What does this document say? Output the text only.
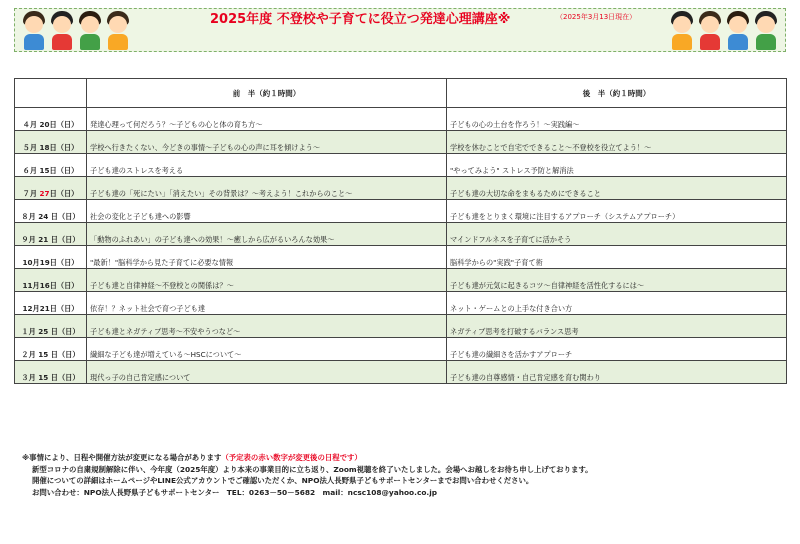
2025年度 不登校や子育てに役立つ発達心理講座※	（2025年3月13日現在）
	前　半（約１時間）	後　半（約１時間）
４月 20日（日）	発達心理って何だろう？～子どもの心と体の育ち方～	子どもの心の土台を作ろう！～実践編～
５月 18日（日）	学校へ行きたくない、今どきの事情～子どもの心の声に耳を傾けよう～	学校を休むことで自宅でできること～不登校を役立てよう！～
６月 15日（日）	子ども達のストレスを考える	"やってみよう" ストレス予防と解消法
７月 27日（日）	子ども達の「死にたい」「消えたい」その背景は？～考えよう！これからのこと～	子ども達の大切な命をまもるためにできること
８月 24 日（日）	社会の変化と子ども達への影響	子ども達をとりまく環境に注目するアプローチ（システムアプローチ）
９月 21 日（日）	「動物のふれあい」の子ども達への効果！～癒しから広がるいろんな効果～	マインドフルネスを子育てに活かそう
10月19日（日）	"最新！"脳科学から見た子育てに必要な情報	脳科学からの"実践"子育て術
11月16日（日）	子ども達と自律神経～不登校との関係は？～	子ども達が元気に起きるコツ～自律神経を活性化するには～
12月21日（日）	依存！？ネット社会で育つ子ども達	ネット・ゲームとの上手な付き合い方
１月 25 日（日）	子ども達とネガティブ思考～不安やうつなど～	ネガティブ思考を打破するバランス思考
２月 15 日（日）	繊細な子ども達が増えている～HSCについて～	子ども達の繊細さを活かすアプローチ
３月 15 日（日）	現代っ子の自己肯定感について	子ども達の自尊感情・自己肯定感を育む関わり
※事情により、日程や開催方法が変更になる場合があります（予定表の赤い数字が変更後の日程です）
新型コロナの自粛規制解除に伴い、今年度（2025年度）より本来の事業目的に立ち返り、Zoom視聴を終了いたしました。会場へお越しをお待ち申し上げております。
開催についての詳細はホームページやLINE公式アカウントでご確認いただくか、NPO法人長野県子どもサポートセンターまでお問い合わせください。
お問い合わせ：NPO法人長野県子どもサポートセンター　TEL：0263－50－5682　mail：ncsc108@yahoo.co.jp
